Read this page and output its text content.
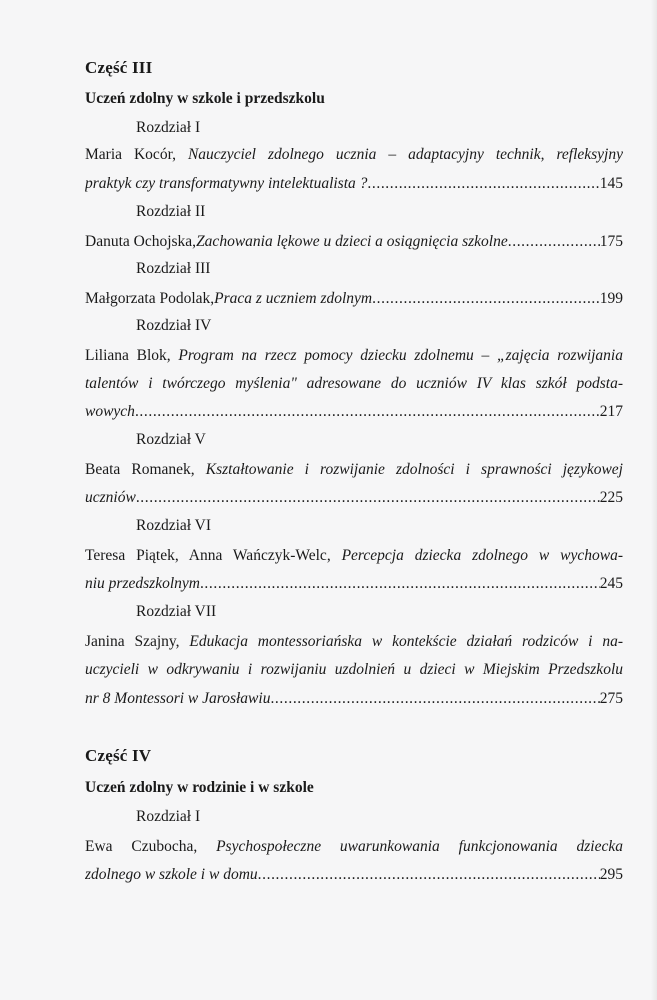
Część III
Uczeń zdolny w szkole i przedszkolu
Rozdział I
Maria Kocór, Nauczyciel zdolnego ucznia – adaptacyjny technik, refleksyjny
praktyk czy transformatywny intelektualista ? .....	145
Rozdział II
Danuta Ochojska, Zachowania lękowe u dzieci a osiągnięcia szkolne .....	175
Rozdział III
Małgorzata Podolak, Praca z uczniem zdolnym .....	199
Rozdział IV
Liliana Blok, Program na rzecz pomocy dziecku zdolnemu – „zajęcia rozwijania
talentów i twórczego myślenia" adresowane do uczniów IV klas szkół podsta-
wowych .....	217
Rozdział V
Beata Romanek, Kształtowanie i rozwijanie zdolności i sprawności językowej
uczniów .....	225
Rozdział VI
Teresa Piątek, Anna Wańczyk-Welc, Percepcja dziecka zdolnego w wychowa-
niu przedszkolnym .....	245
Rozdział VII
Janina Szajny, Edukacja montessoriańska w kontekście działań rodziców i na-
uczycieli w odkrywaniu i rozwijaniu uzdolnień u dzieci w Miejskim Przedszkolu
nr 8 Montessori w Jarosławiu .....	275
Część IV
Uczeń zdolny w rodzinie i w szkole
Rozdział I
Ewa Czubocha, Psychospołeczne uwarunkowania funkcjonowania dziecka
zdolnego w szkole i w domu .....	295
